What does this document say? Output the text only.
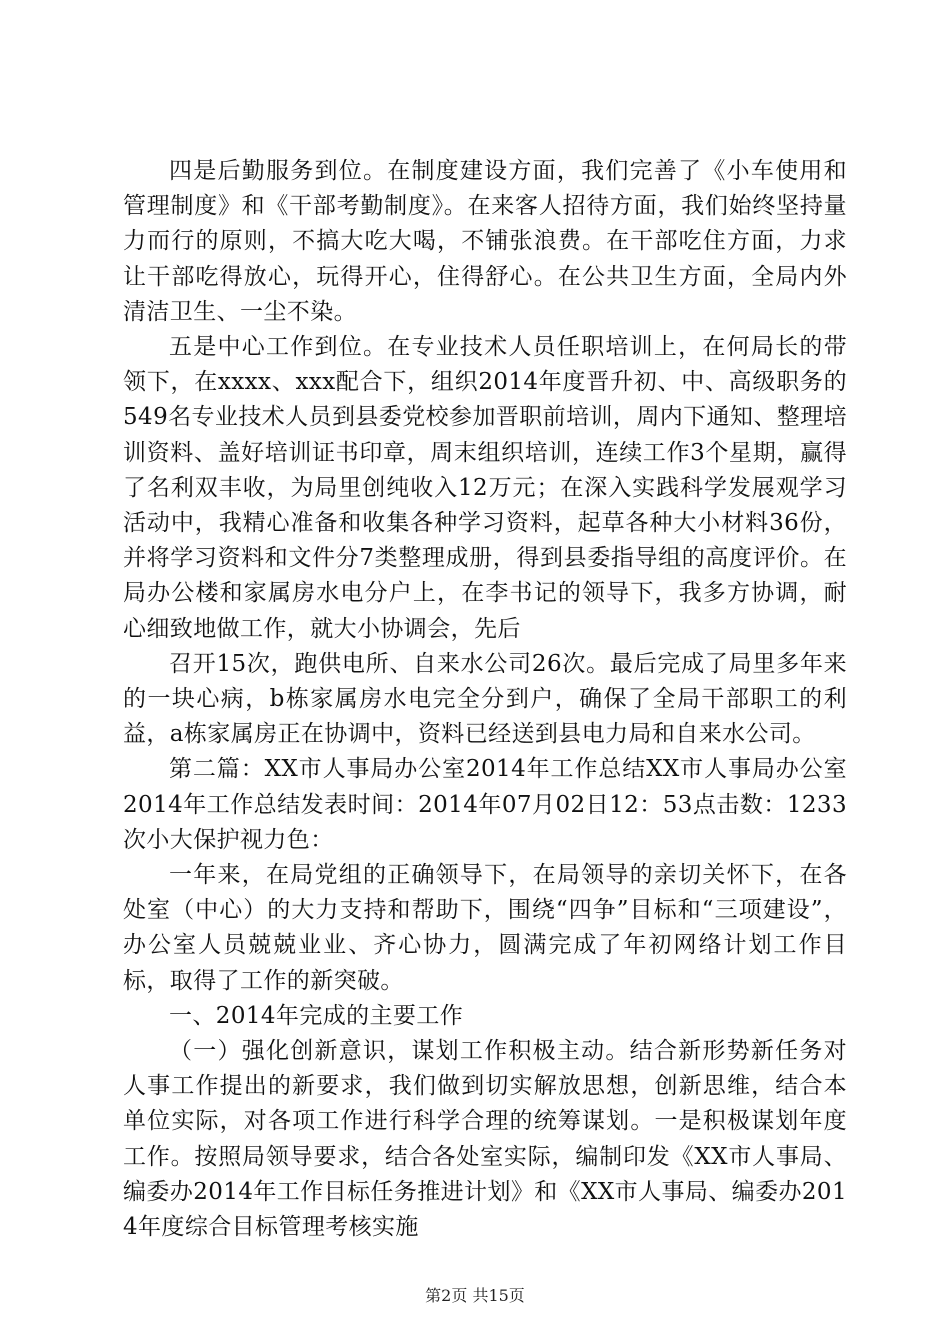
四是后勤服务到位。在制度建设方面，我们完善了《小车使用和管理制度》和《干部考勤制度》。在来客人招待方面，我们始终坚持量力而行的原则，不搞大吃大喝，不铺张浪费。在干部吃住方面，力求让干部吃得放心，玩得开心，住得舒心。在公共卫生方面，全局内外清洁卫生、一尘不染。

五是中心工作到位。在专业技术人员任职培训上，在何局长的带领下，在xxxx、xxx配合下，组织2014年度晋升初、中、高级职务的549名专业技术人员到县委党校参加晋职前培训，周内下通知、整理培训资料、盖好培训证书印章，周末组织培训，连续工作3个星期，赢得了名利双丰收，为局里创纯收入12万元；在深入实践科学发展观学习活动中，我精心准备和收集各种学习资料，起草各种大小材料36份，并将学习资料和文件分7类整理成册，得到县委指导组的高度评价。在局办公楼和家属房水电分户上，在李书记的领导下，我多方协调，耐心细致地做工作，就大小协调会，先后

召开15次，跑供电所、自来水公司26次。最后完成了局里多年来的一块心病，b栋家属房水电完全分到户，确保了全局干部职工的利益，a栋家属房正在协调中，资料已经送到县电力局和自来水公司。

第二篇：XX市人事局办公室2014年工作总结XX市人事局办公室2014年工作总结发表时间：2014年07月02日12：53点击数：1233次小大保护视力色：

一年来，在局党组的正确领导下，在局领导的亲切关怀下，在各处室（中心）的大力支持和帮助下，围绕“四争”目标和“三项建设”，办公室人员兢兢业业、齐心协力，圆满完成了年初网络计划工作目标，取得了工作的新突破。

一、2014年完成的主要工作

（一）强化创新意识，谋划工作积极主动。结合新形势新任务对人事工作提出的新要求，我们做到切实解放思想，创新思维，结合本单位实际，对各项工作进行科学合理的统筹谋划。一是积极谋划年度工作。按照局领导要求，结合各处室实际，编制印发《XX市人事局、编委办2014年工作目标任务推进计划》和《XX市人事局、编委办2014年度综合目标管理考核实施

第2页 共15页
